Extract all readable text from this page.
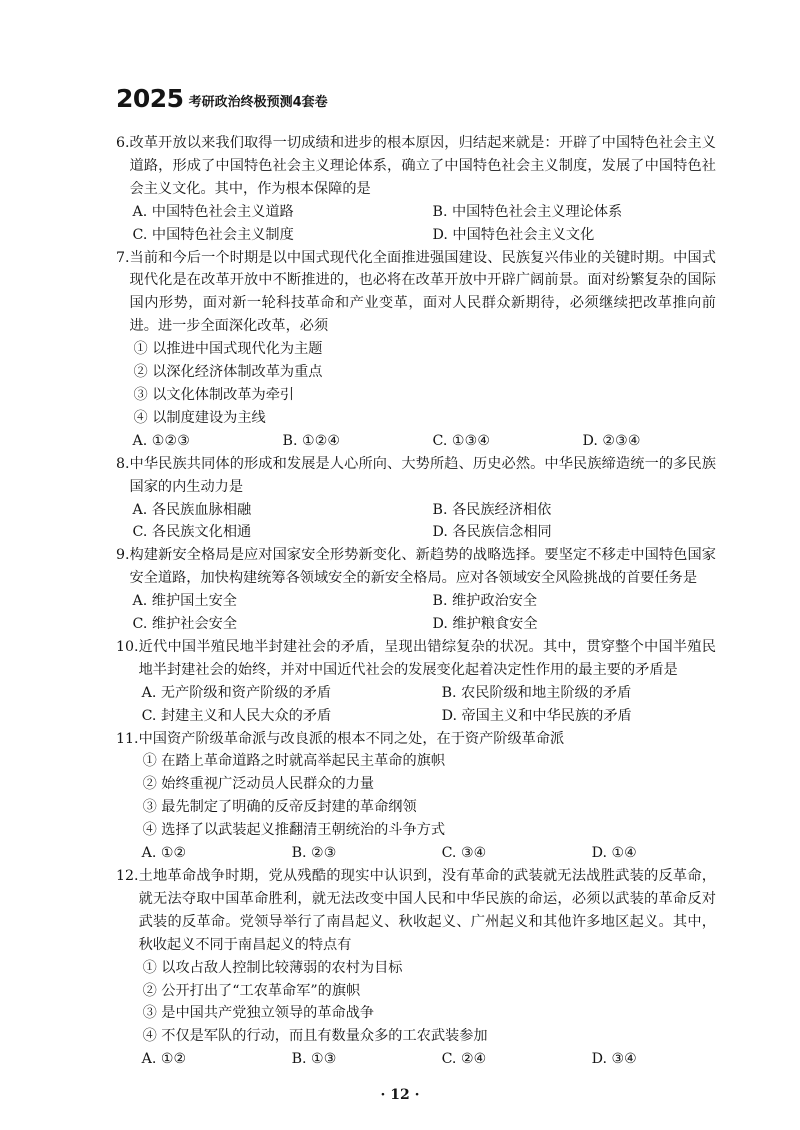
2025 考研政治终极预测4套卷
6. 改革开放以来我们取得一切成绩和进步的根本原因，归结起来就是：开辟了中国特色社会主义道路，形成了中国特色社会主义理论体系，确立了中国特色社会主义制度，发展了中国特色社会主义文化。其中，作为根本保障的是
A. 中国特色社会主义道路	B. 中国特色社会主义理论体系
C. 中国特色社会主义制度	D. 中国特色社会主义文化
7. 当前和今后一个时期是以中国式现代化全面推进强国建设、民族复兴伟业的关键时期。中国式现代化是在改革开放中不断推进的，也必将在改革开放中开辟广阔前景。面对纷繁复杂的国际国内形势，面对新一轮科技革命和产业变革，面对人民群众新期待，必须继续把改革推向前进。进一步全面深化改革，必须
① 以推进中国式现代化为主题
② 以深化经济体制改革为重点
③ 以文化体制改革为牵引
④ 以制度建设为主线
A. ①②③	B. ①②④	C. ①③④	D. ②③④
8. 中华民族共同体的形成和发展是人心所向、大势所趋、历史必然。中华民族缔造统一的多民族国家的内生动力是
A. 各民族血脉相融	B. 各民族经济相依
C. 各民族文化相通	D. 各民族信念相同
9. 构建新安全格局是应对国家安全形势新变化、新趋势的战略选择。要坚定不移走中国特色国家安全道路，加快构建统筹各领域安全的新安全格局。应对各领域安全风险挑战的首要任务是
A. 维护国土安全	B. 维护政治安全
C. 维护社会安全	D. 维护粮食安全
10. 近代中国半殖民地半封建社会的矛盾，呈现出错综复杂的状况。其中，贯穿整个中国半殖民地半封建社会的始终，并对中国近代社会的发展变化起着决定性作用的最主要的矛盾是
A. 无产阶级和资产阶级的矛盾	B. 农民阶级和地主阶级的矛盾
C. 封建主义和人民大众的矛盾	D. 帝国主义和中华民族的矛盾
11. 中国资产阶级革命派与改良派的根本不同之处，在于资产阶级革命派
① 在踏上革命道路之时就高举起民主革命的旗帜
② 始终重视广泛动员人民群众的力量
③ 最先制定了明确的反帝反封建的革命纲领
④ 选择了以武装起义推翻清王朝统治的斗争方式
A. ①②	B. ②③	C. ③④	D. ①④
12. 土地革命战争时期，党从残酷的现实中认识到，没有革命的武装就无法战胜武装的反革命，就无法夺取中国革命胜利，就无法改变中国人民和中华民族的命运，必须以武装的革命反对武装的反革命。党领导举行了南昌起义、秋收起义、广州起义和其他许多地区起义。其中，秋收起义不同于南昌起义的特点有
① 以攻占敌人控制比较薄弱的农村为目标
② 公开打出了“工农革命军”的旗帜
③ 是中国共产党独立领导的革命战争
④ 不仅是军队的行动，而且有数量众多的工农武装参加
A. ①②	B. ①③	C. ②④	D. ③④
· 12 ·
